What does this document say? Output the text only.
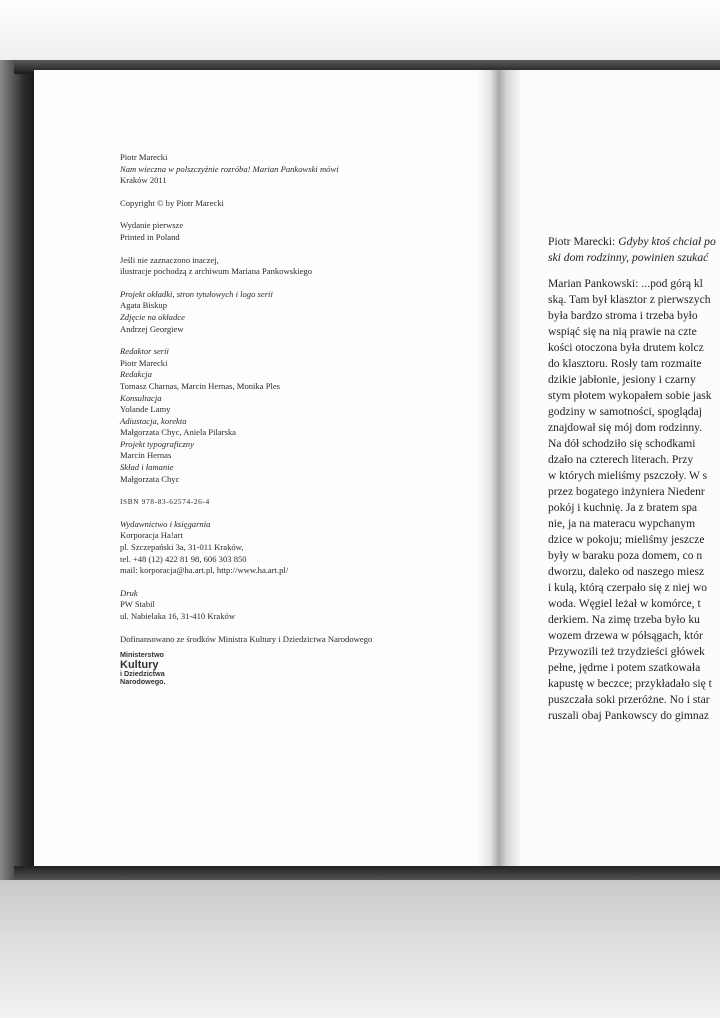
Piotr Marecki

Nam wieczna w polszczyźnie rozróba! Marian Pankowski mówi

Kraków 2011

Copyright © by Piotr Marecki

Wydanie pierwsze

Printed in Poland

Jeśli nie zaznaczono inaczej,

ilustracje pochodzą z archiwum Mariana Pankowskiego

Projekt okładki, stron tytułowych i logo serii

Agata Biskup

Zdjęcie na okładce

Andrzej Georgiew

Redaktor serii

Piotr Marecki

Redakcja

Tomasz Charnas, Marcin Hernas, Monika Ples

Konsultacja

Yolande Lamy

Adiustacja, korekta

Małgorzata Chyc, Aniela Pilarska

Projekt typograficzny

Marcin Hernas

Skład i łamanie

Małgorzata Chyc

ISBN 978-83-62574-26-4

Wydawnictwo i księgarnia

Korporacja Ha!art

pl. Szczepański 3a, 31-011 Kraków,

tel. +48 (12) 422 81 98, 606 303 850

mail: korporacja@ha.art.pl, http://www.ha.art.pl/

Druk

PW Stabil

ul. Nabielaka 16, 31-410 Kraków

Dofinansowano ze środków Ministra Kultury i Dziedzictwa Narodowego

Ministerstwo
Kultury
i Dziedzictwa
Narodowego.

Piotr Marecki: Gdyby ktoś chciał po

ski dom rodzinny, powinien szukać

Marian Pankowski: ...pod górą kl

ską. Tam był klasztor z pierwszych

była bardzo stroma i trzeba było

wspiąć się na nią prawie na czte

kości otoczona była drutem kolcz

do klasztoru. Rosły tam rozmaite

dzikie jabłonie, jesiony i czarny

stym płotem wykopałem sobie jask

godziny w samotności, spoglądaj

znajdował się mój dom rodzinny.

Na dół schodziło się schodkami

dzało na czterech literach. Przy

w których mieliśmy pszczoły. W s

przez bogatego inżyniera Niedenr

pokój i kuchnię. Ja z bratem spa

nie, ja na materacu wypchanym

dzice w pokoju; mieliśmy jeszcze

były w baraku poza domem, co n

dworzu, daleko od naszego miesz

i kulą, którą czerpało się z niej wo

woda. Węgiel leżał w komórce, t

derkiem. Na zimę trzeba było ku

wozem drzewa w półsągach, któr

Przywozili też trzydzieści główek

pełne, jędrne i potem szatkowała

kapustę w beczce; przykładało się t

puszczała soki przeróżne. No i star

ruszali obaj Pankowscy do gimnaz
